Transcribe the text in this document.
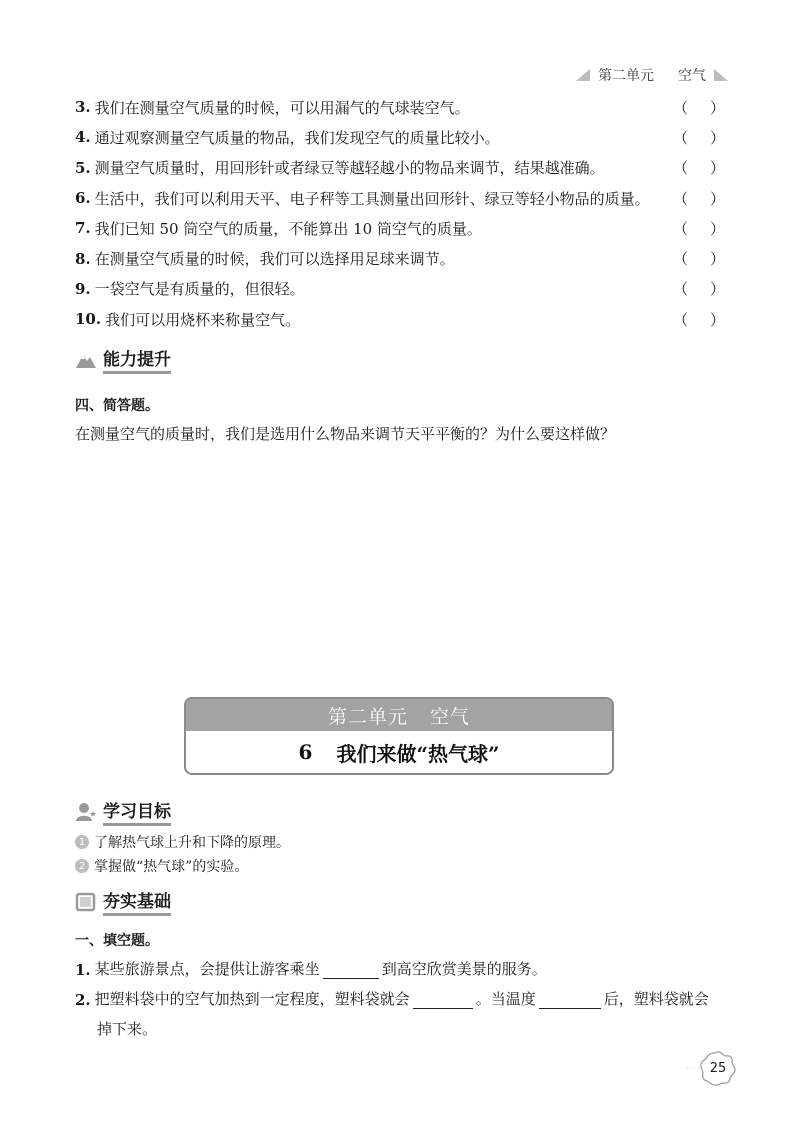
第二单元 空气
3. 我们在测量空气质量的时候，可以用漏气的气球装空气。	（ ）
4. 通过观察测量空气质量的物品，我们发现空气的质量比较小。	（ ）
5. 测量空气质量时，用回形针或者绿豆等越轻越小的物品来调节，结果越准确。	（ ）
6. 生活中，我们可以利用天平、电子秤等工具测量出回形针、绿豆等轻小物品的质量。	（ ）
7. 我们已知 50 筒空气的质量，不能算出 10 筒空气的质量。	（ ）
8. 在测量空气质量的时候，我们可以选择用足球来调节。	（ ）
9. 一袋空气是有质量的，但很轻。	（ ）
10. 我们可以用烧杯来称量空气。	（ ）
能力提升
四、简答题。
在测量空气的质量时，我们是选用什么物品来调节天平平衡的？为什么要这样做？
第二单元 空气
6 我们来做“热气球”
学习目标
1 了解热气球上升和下降的原理。
2 掌握做“热气球”的实验。
夯实基础
一、填空题。
1. 某些旅游景点，会提供让游客乘坐	到高空欣赏美景的服务。
2. 把塑料袋中的空气加热到一定程度，塑料袋就会	。当温度	后，塑料袋就会
掉下来。
· · · 25
